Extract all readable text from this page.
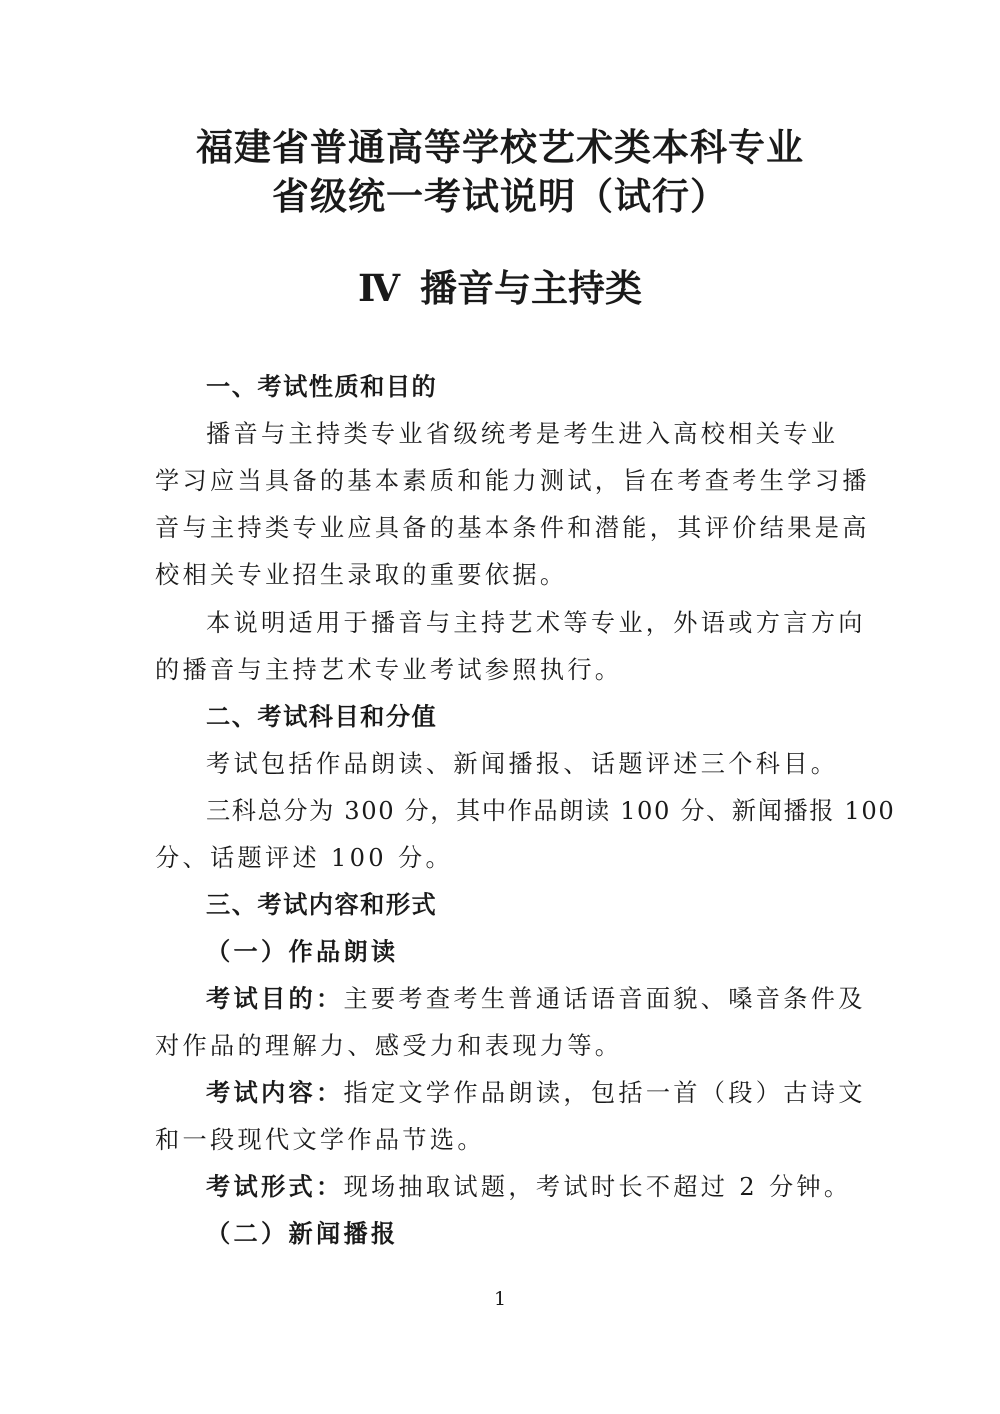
福建省普通高等学校艺术类本科专业
省级统一考试说明（试行）
Ⅳ 播音与主持类
一、考试性质和目的
播音与主持类专业省级统考是考生进入高校相关专业
学习应当具备的基本素质和能力测试，旨在考查考生学习播
音与主持类专业应具备的基本条件和潜能，其评价结果是高
校相关专业招生录取的重要依据。
本说明适用于播音与主持艺术等专业，外语或方言方向
的播音与主持艺术专业考试参照执行。
二、考试科目和分值
考试包括作品朗读、新闻播报、话题评述三个科目。
三科总分为 300 分，其中作品朗读 100 分、新闻播报 100
分、话题评述 100 分。
三、考试内容和形式
（一）作品朗读
考试目的：主要考查考生普通话语音面貌、嗓音条件及
对作品的理解力、感受力和表现力等。
考试内容：指定文学作品朗读，包括一首（段）古诗文
和一段现代文学作品节选。
考试形式：现场抽取试题，考试时长不超过 2 分钟。
（二）新闻播报
1
